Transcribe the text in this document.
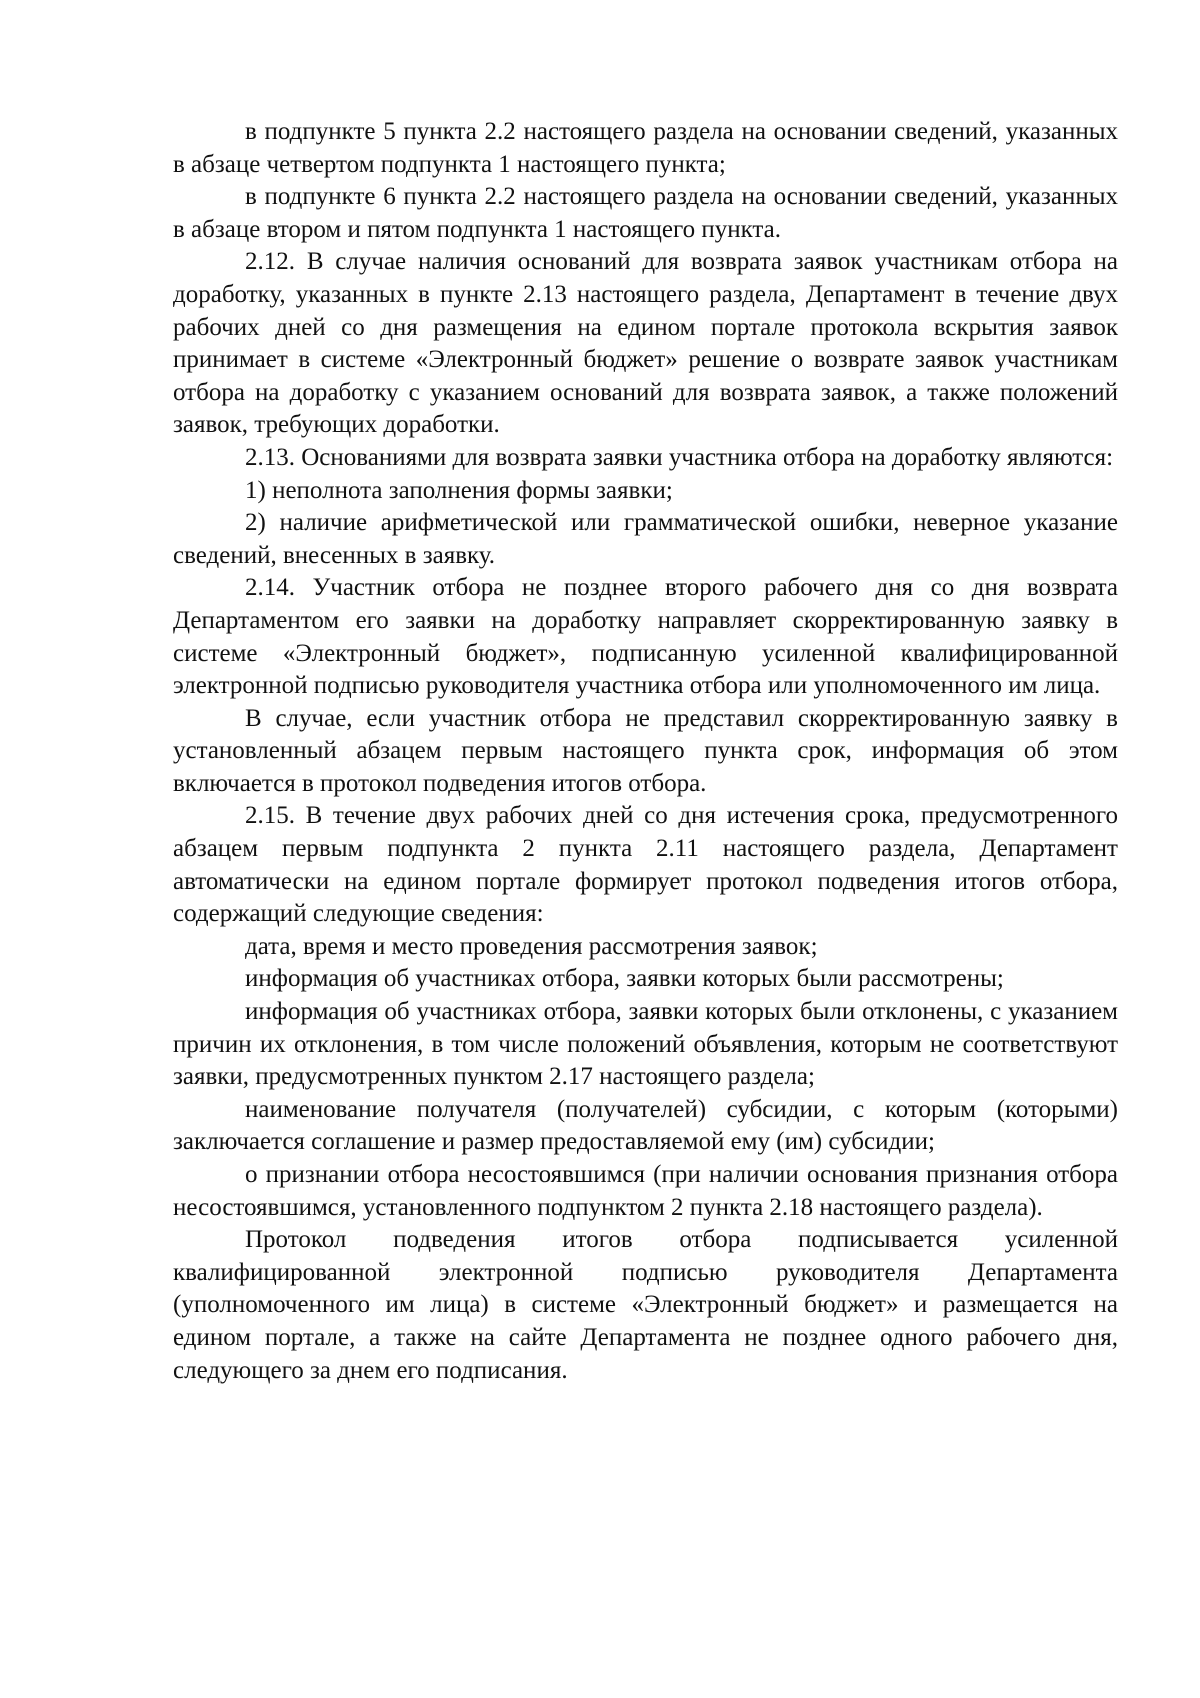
в подпункте 5 пункта 2.2 настоящего раздела на основании сведений, указанных в абзаце четвертом подпункта 1 настоящего пункта;

в подпункте 6 пункта 2.2 настоящего раздела на основании сведений, указанных в абзаце втором и пятом подпункта 1 настоящего пункта.

2.12. В случае наличия оснований для возврата заявок участникам отбора на доработку, указанных в пункте 2.13 настоящего раздела, Департамент в течение двух рабочих дней со дня размещения на едином портале протокола вскрытия заявок принимает в системе «Электронный бюджет» решение о возврате заявок участникам отбора на доработку с указанием оснований для возврата заявок, а также положений заявок, требующих доработки.

2.13. Основаниями для возврата заявки участника отбора на доработку являются:

1) неполнота заполнения формы заявки;

2) наличие арифметической или грамматической ошибки, неверное указание сведений, внесенных в заявку.

2.14. Участник отбора не позднее второго рабочего дня со дня возврата Департаментом его заявки на доработку направляет скорректированную заявку в системе «Электронный бюджет», подписанную усиленной квалифицированной электронной подписью руководителя участника отбора или уполномоченного им лица.

В случае, если участник отбора не представил скорректированную заявку в установленный абзацем первым настоящего пункта срок, информация об этом включается в протокол подведения итогов отбора.

2.15. В течение двух рабочих дней со дня истечения срока, предусмотренного абзацем первым подпункта 2 пункта 2.11 настоящего раздела, Департамент автоматически на едином портале формирует протокол подведения итогов отбора, содержащий следующие сведения:

дата, время и место проведения рассмотрения заявок;

информация об участниках отбора, заявки которых были рассмотрены;

информация об участниках отбора, заявки которых были отклонены, с указанием причин их отклонения, в том числе положений объявления, которым не соответствуют заявки, предусмотренных пунктом 2.17 настоящего раздела;

наименование получателя (получателей) субсидии, с которым (которыми) заключается соглашение и размер предоставляемой ему (им) субсидии;

о признании отбора несостоявшимся (при наличии основания признания отбора несостоявшимся, установленного подпунктом 2 пункта 2.18 настоящего раздела).

Протокол подведения итогов отбора подписывается усиленной квалифицированной электронной подписью руководителя Департамента (уполномоченного им лица) в системе «Электронный бюджет» и размещается на едином портале, а также на сайте Департамента не позднее одного рабочего дня, следующего за днем его подписания.
